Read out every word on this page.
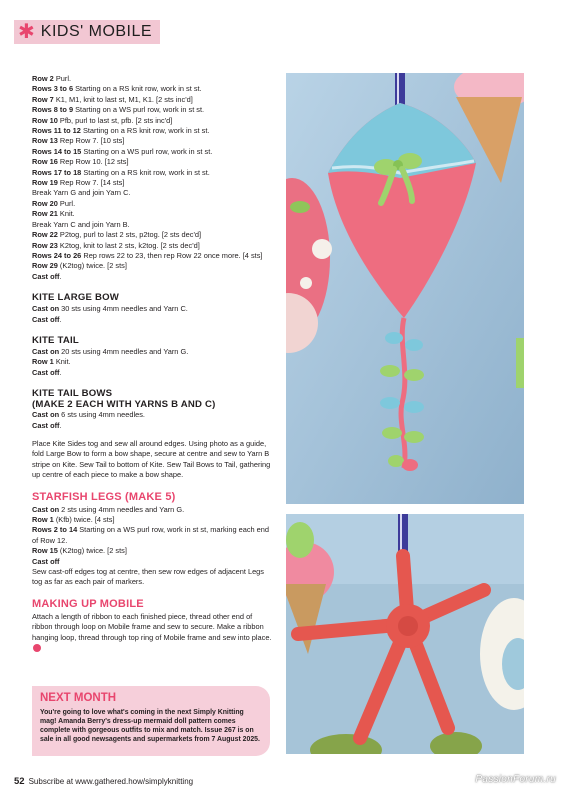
✱ KIDS' MOBILE

Row 2 Purl.

Rows 3 to 6 Starting on a RS knit row, work in st st.

Row 7 K1, M1, knit to last st, M1, K1. [2 sts inc'd]

Rows 8 to 9 Starting on a WS purl row, work in st st.

Row 10 Pfb, purl to last st, pfb. [2 sts inc'd]

Rows 11 to 12 Starting on a RS knit row, work in st st.

Row 13 Rep Row 7. [10 sts]

Rows 14 to 15 Starting on a WS purl row, work in st st.

Row 16 Rep Row 10. [12 sts]

Rows 17 to 18 Starting on a RS knit row, work in st st.

Row 19 Rep Row 7. [14 sts]

Break Yarn G and join Yarn C.

Row 20 Purl.

Row 21 Knit.

Break Yarn C and join Yarn B.

Row 22 P2tog, purl to last 2 sts, p2tog. [2 sts dec'd]

Row 23 K2tog, knit to last 2 sts, k2tog. [2 sts dec'd]

Rows 24 to 26 Rep rows 22 to 23, then rep Row 22 once more. [4 sts]

Row 29 (K2tog) twice. [2 sts]

Cast off.

KITE LARGE BOW

Cast on 30 sts using 4mm needles and Yarn C.

Cast off.

KITE TAIL

Cast on 20 sts using 4mm needles and Yarn G.

Row 1 Knit.

Cast off.

KITE TAIL BOWS
(MAKE 2 EACH WITH YARNS B AND C)

Cast on 6 sts using 4mm needles.

Cast off.

Place Kite Sides tog and sew all around edges. Using photo as a guide, fold Large Bow to form a bow shape, secure at centre and sew to Yarn B stripe on Kite. Sew Tail to bottom of Kite. Sew Tail Bows to Tail, gathering up centre of each piece to make a bow shape.

STARFISH LEGS (MAKE 5)

Cast on 2 sts using 4mm needles and Yarn G.

Row 1 (Kfb) twice. [4 sts]

Rows 2 to 14 Starting on a WS purl row, work in st st, marking each end of Row 12.

Row 15 (K2tog) twice. [2 sts]

Cast off

Sew cast-off edges tog at centre, then sew row edges of adjacent Legs tog as far as each pair of markers.

MAKING UP MOBILE

Attach a length of ribbon to each finished piece, thread other end of ribbon through loop on Mobile frame and sew to secure. Make a ribbon hanging loop, thread through top ring of Mobile frame and sew into place.

NEXT MONTH
You're going to love what's coming in the next Simply Knitting mag! Amanda Berry's dress-up mermaid doll pattern comes complete with gorgeous outfits to mix and match. Issue 267 is on sale in all good newsagents and supermarkets from 7 August 2025.
52 Subscribe at www.gathered.how/simplyknitting	PassionForum.ru
